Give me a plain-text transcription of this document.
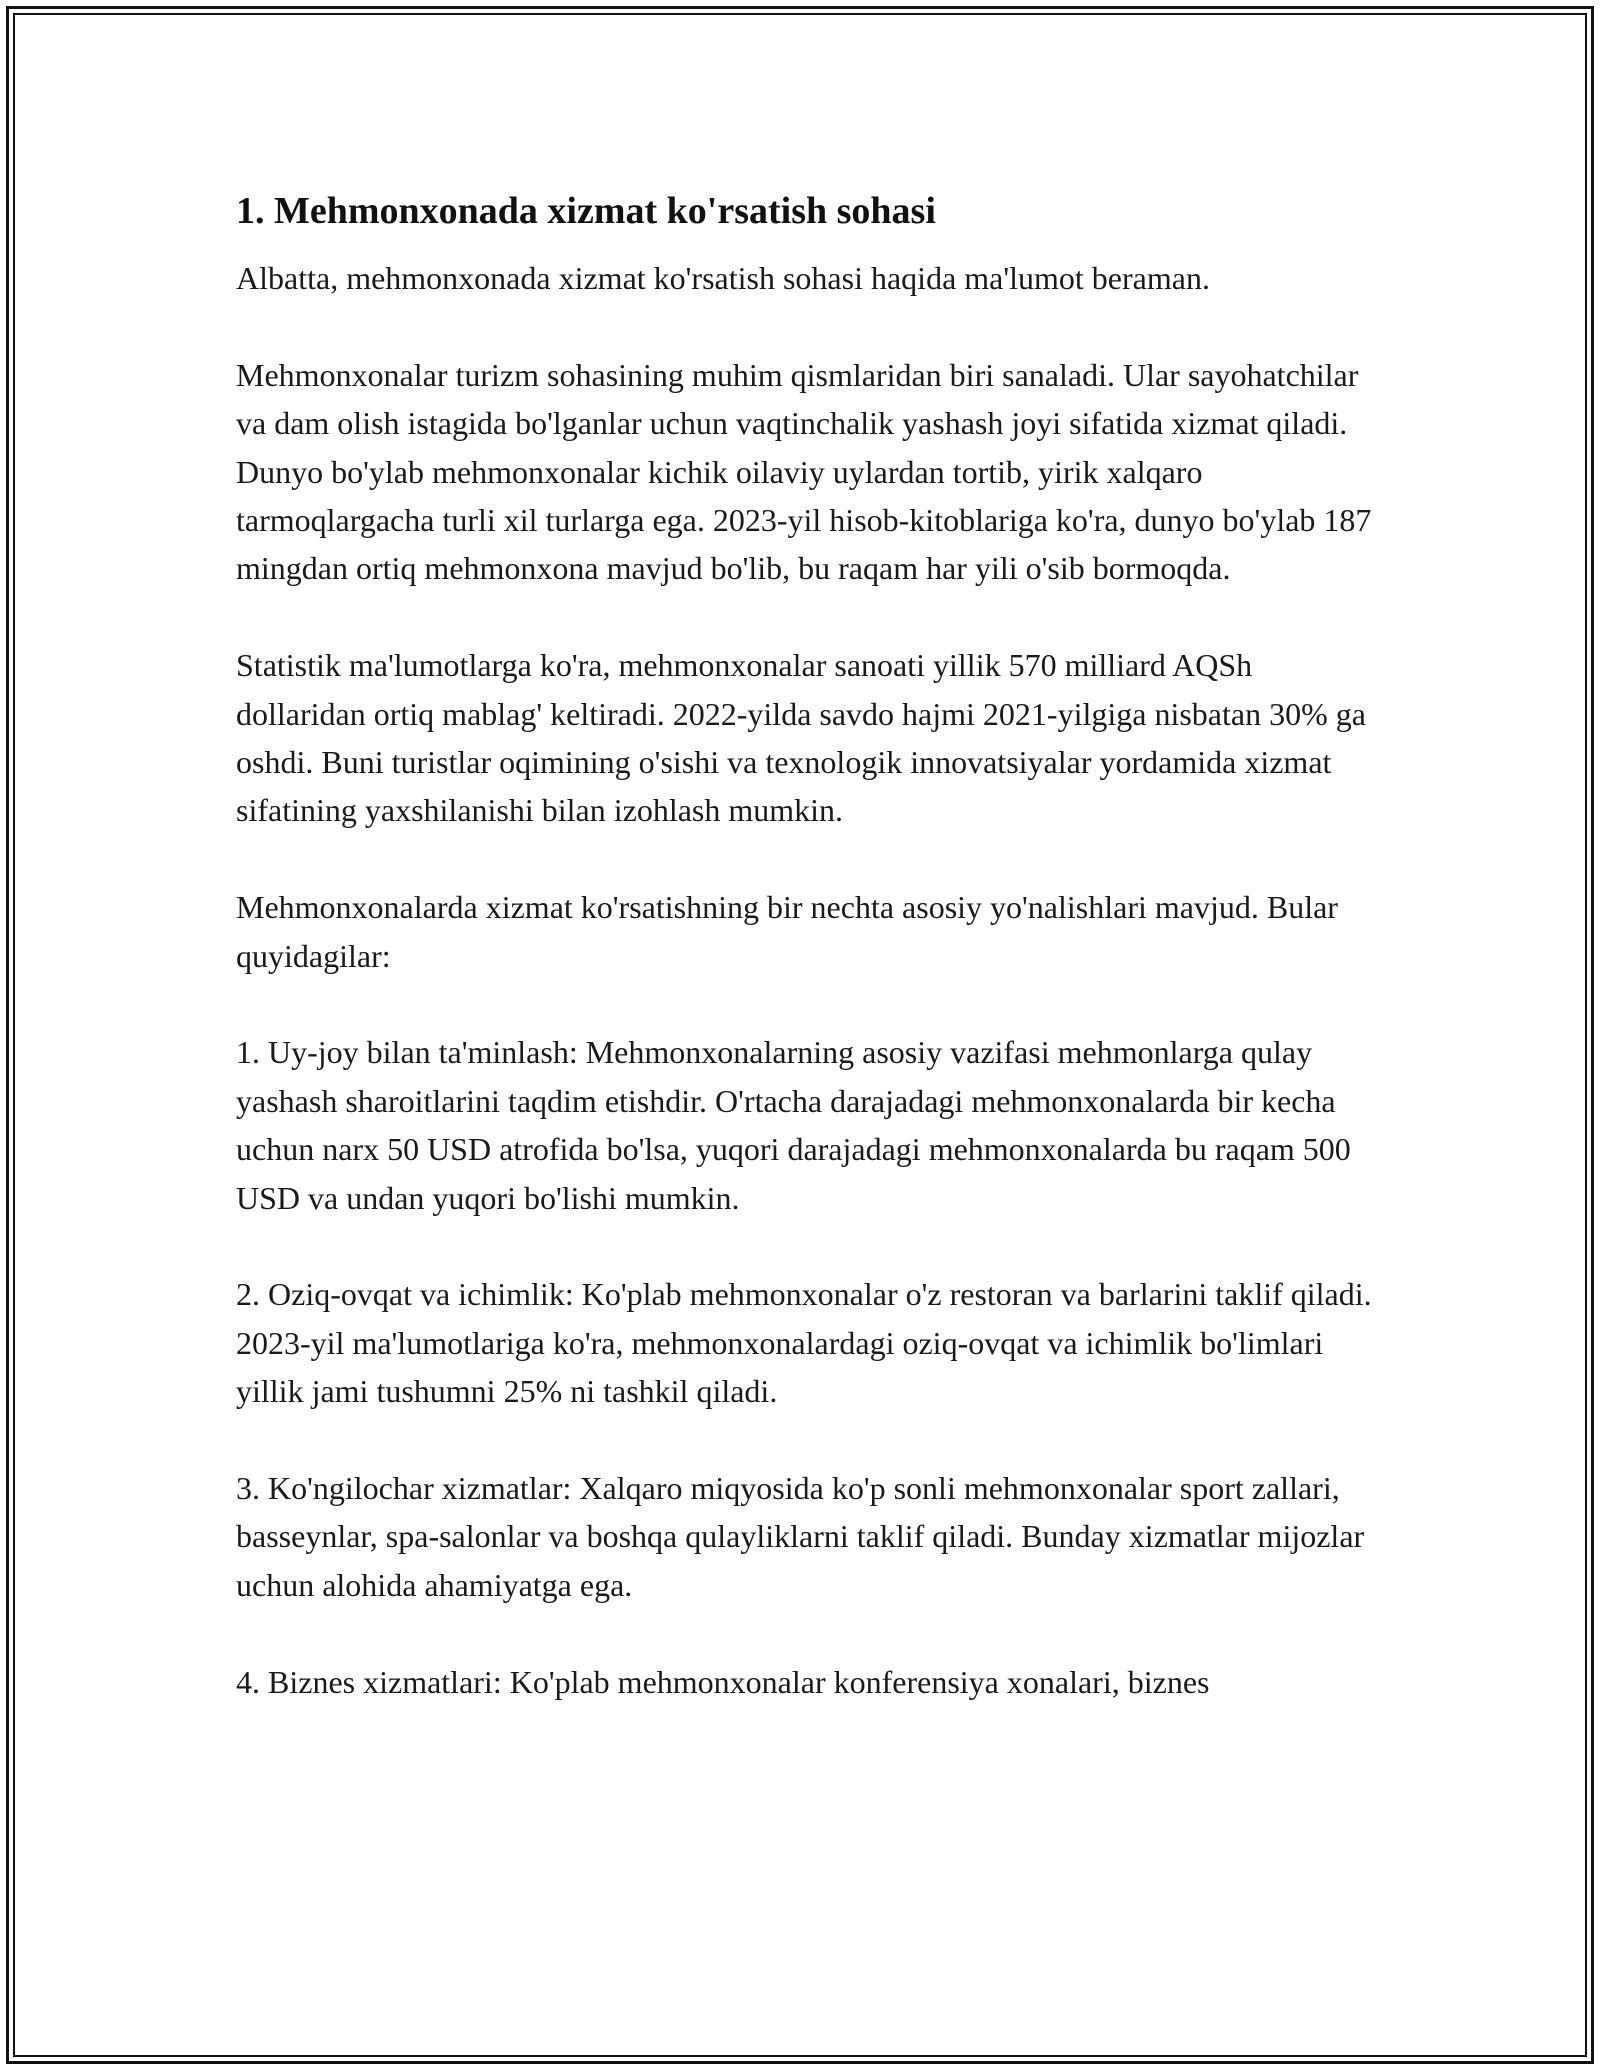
1. Mehmonxonada xizmat ko'rsatish sohasi

Albatta, mehmonxonada xizmat ko'rsatish sohasi haqida ma'lumot beraman.

Mehmonxonalar turizm sohasining muhim qismlaridan biri sanaladi. Ular sayohatchilar va dam olish istagida bo'lganlar uchun vaqtinchalik yashash joyi sifatida xizmat qiladi. Dunyo bo'ylab mehmonxonalar kichik oilaviy uylardan tortib, yirik xalqaro tarmoqlargacha turli xil turlarga ega. 2023-yil hisob-kitoblariga ko'ra, dunyo bo'ylab 187 mingdan ortiq mehmonxona mavjud bo'lib, bu raqam har yili o'sib bormoqda.

Statistik ma'lumotlarga ko'ra, mehmonxonalar sanoati yillik 570 milliard AQSh dollaridan ortiq mablag' keltiradi. 2022-yilda savdo hajmi 2021-yilgiga nisbatan 30% ga oshdi. Buni turistlar oqimining o'sishi va texnologik innovatsiyalar yordamida xizmat sifatining yaxshilanishi bilan izohlash mumkin.

Mehmonxonalarda xizmat ko'rsatishning bir nechta asosiy yo'nalishlari mavjud. Bular quyidagilar:

1. Uy-joy bilan ta'minlash: Mehmonxonalarning asosiy vazifasi mehmonlarga qulay yashash sharoitlarini taqdim etishdir. O'rtacha darajadagi mehmonxonalarda bir kecha uchun narx 50 USD atrofida bo'lsa, yuqori darajadagi mehmonxonalarda bu raqam 500 USD va undan yuqori bo'lishi mumkin.

2. Oziq-ovqat va ichimlik: Ko'plab mehmonxonalar o'z restoran va barlarini taklif qiladi. 2023-yil ma'lumotlariga ko'ra, mehmonxonalardagi oziq-ovqat va ichimlik bo'limlari yillik jami tushumni 25% ni tashkil qiladi.

3. Ko'ngilochar xizmatlar: Xalqaro miqyosida ko'p sonli mehmonxonalar sport zallari, basseynlar, spa-salonlar va boshqa qulayliklarni taklif qiladi. Bunday xizmatlar mijozlar uchun alohida ahamiyatga ega.

4. Biznes xizmatlari: Ko'plab mehmonxonalar konferensiya xonalari, biznes
